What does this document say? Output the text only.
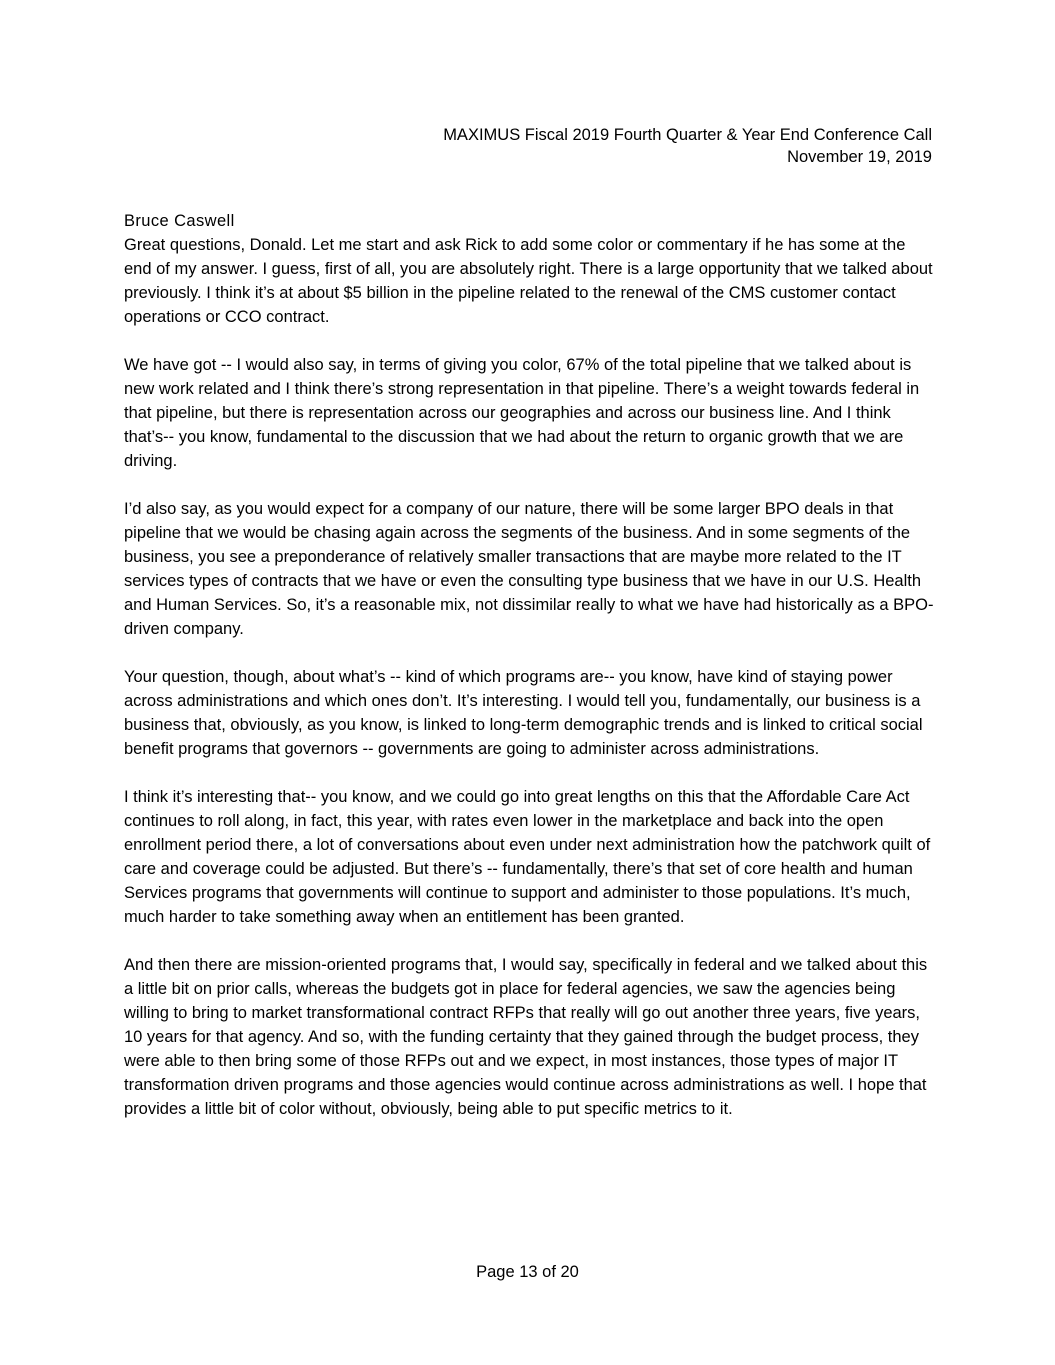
MAXIMUS Fiscal 2019 Fourth Quarter & Year End Conference Call
November 19, 2019

Bruce Caswell

Great questions, Donald. Let me start and ask Rick to add some color or commentary if he has some at the end of my answer. I guess, first of all, you are absolutely right. There is a large opportunity that we talked about previously. I think it’s at about $5 billion in the pipeline related to the renewal of the CMS customer contact operations or CCO contract.

We have got -- I would also say, in terms of giving you color, 67% of the total pipeline that we talked about is new work related and I think there’s strong representation in that pipeline. There’s a weight towards federal in that pipeline, but there is representation across our geographies and across our business line. And I think that’s-- you know, fundamental to the discussion that we had about the return to organic growth that we are driving.

I’d also say, as you would expect for a company of our nature, there will be some larger BPO deals in that pipeline that we would be chasing again across the segments of the business. And in some segments of the business, you see a preponderance of relatively smaller transactions that are maybe more related to the IT services types of contracts that we have or even the consulting type business that we have in our U.S. Health and Human Services. So, it’s a reasonable mix, not dissimilar really to what we have had historically as a BPO-driven company.

Your question, though, about what’s -- kind of which programs are-- you know, have kind of staying power across administrations and which ones don’t. It’s interesting. I would tell you, fundamentally, our business is a business that, obviously, as you know, is linked to long-term demographic trends and is linked to critical social benefit programs that governors -- governments are going to administer across administrations.

I think it’s interesting that-- you know, and we could go into great lengths on this that the Affordable Care Act continues to roll along, in fact, this year, with rates even lower in the marketplace and back into the open enrollment period there, a lot of conversations about even under next administration how the patchwork quilt of care and coverage could be adjusted. But there’s -- fundamentally, there’s that set of core health and human Services programs that governments will continue to support and administer to those populations. It’s much, much harder to take something away when an entitlement has been granted.

And then there are mission-oriented programs that, I would say, specifically in federal and we talked about this a little bit on prior calls, whereas the budgets got in place for federal agencies, we saw the agencies being willing to bring to market transformational contract RFPs that really will go out another three years, five years, 10 years for that agency. And so, with the funding certainty that they gained through the budget process, they were able to then bring some of those RFPs out and we expect, in most instances, those types of major IT transformation driven programs and those agencies would continue across administrations as well. I hope that provides a little bit of color without, obviously, being able to put specific metrics to it.

Page 13 of 20
